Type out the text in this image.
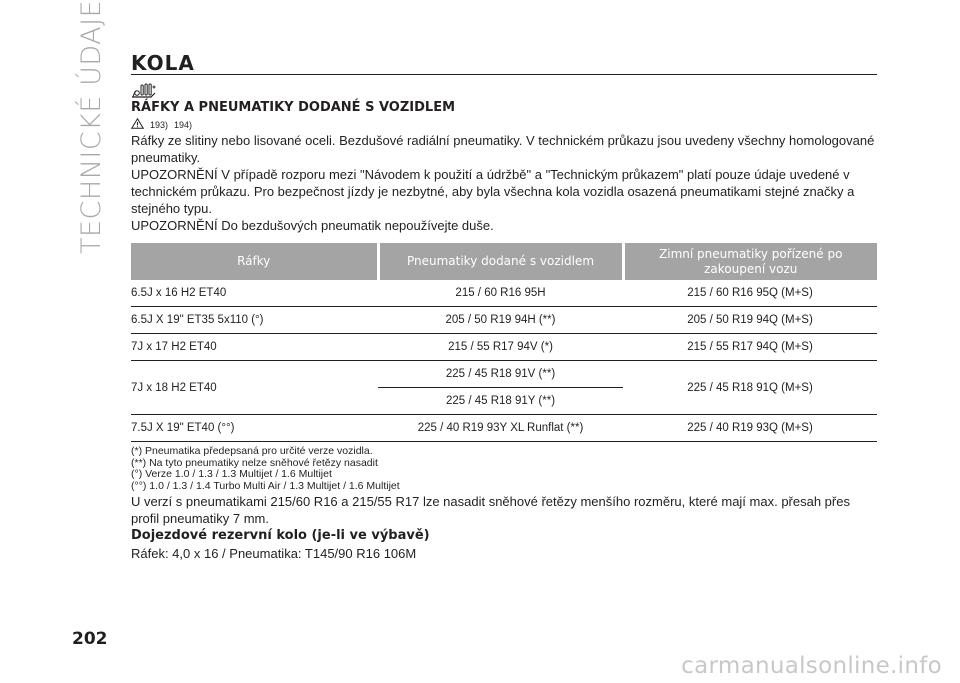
TECHNICKÉ ÚDAJE	KOLA
RÁFKY A PNEUMATIKY DODANÉ S VOZIDLEM
193) 194)

Ráfky ze slitiny nebo lisované oceli. Bezdušové radiální pneumatiky. V technickém průkazu jsou uvedeny všechny homologované pneumatiky.

UPOZORNĚNÍ V případě rozporu mezi "Návodem k použití a údržbě" a "Technickým průkazem" platí pouze údaje uvedené v technickém průkazu. Pro bezpečnost jízdy je nezbytné, aby byla všechna kola vozidla osazená pneumatikami stejné značky a stejného typu.

UPOZORNĚNÍ Do bezdušových pneumatik nepoužívejte duše.

Ráfky	Pneumatiky dodané s vozidlem	Zimní pneumatiky pořízené po zakoupení vozu
6.5J x 16 H2 ET40	215 / 60 R16 95H	215 / 60 R16 95Q (M+S)
6.5J X 19" ET35 5x110 (°)	205 / 50 R19 94H (**)	205 / 50 R19 94Q (M+S)
7J x 17 H2 ET40	215 / 55 R17 94V (*)	215 / 55 R17 94Q (M+S)
7J x 18 H2 ET40	225 / 45 R18 91V (**)	225 / 45 R18 91Q (M+S)

	225 / 45 R18 91Y (**)	

7.5J X 19" ET40 (°°)	225 / 40 R19 93Y XL Runflat (**)	225 / 40 R19 93Q (M+S)
(*) Pneumatika předepsaná pro určité verze vozidla.
(**) Na tyto pneumatiky nelze sněhové řetězy nasadit
(°) Verze 1.0 / 1.3 / 1.3 Multijet / 1.6 Multijet
(°°) 1.0 / 1.3 / 1.4 Turbo Multi Air / 1.3 Multijet / 1.6 Multijet

U verzí s pneumatikami 215/60 R16 a 215/55 R17 lze nasadit sněhové řetězy menšího rozměru, které mají max. přesah přes profil pneumatiky 7 mm.

Dojezdové rezervní kolo (je-li ve výbavě)

Ráfek: 4,0 x 16 / Pneumatika: T145/90 R16 106M

202
carmanualsonline.info
